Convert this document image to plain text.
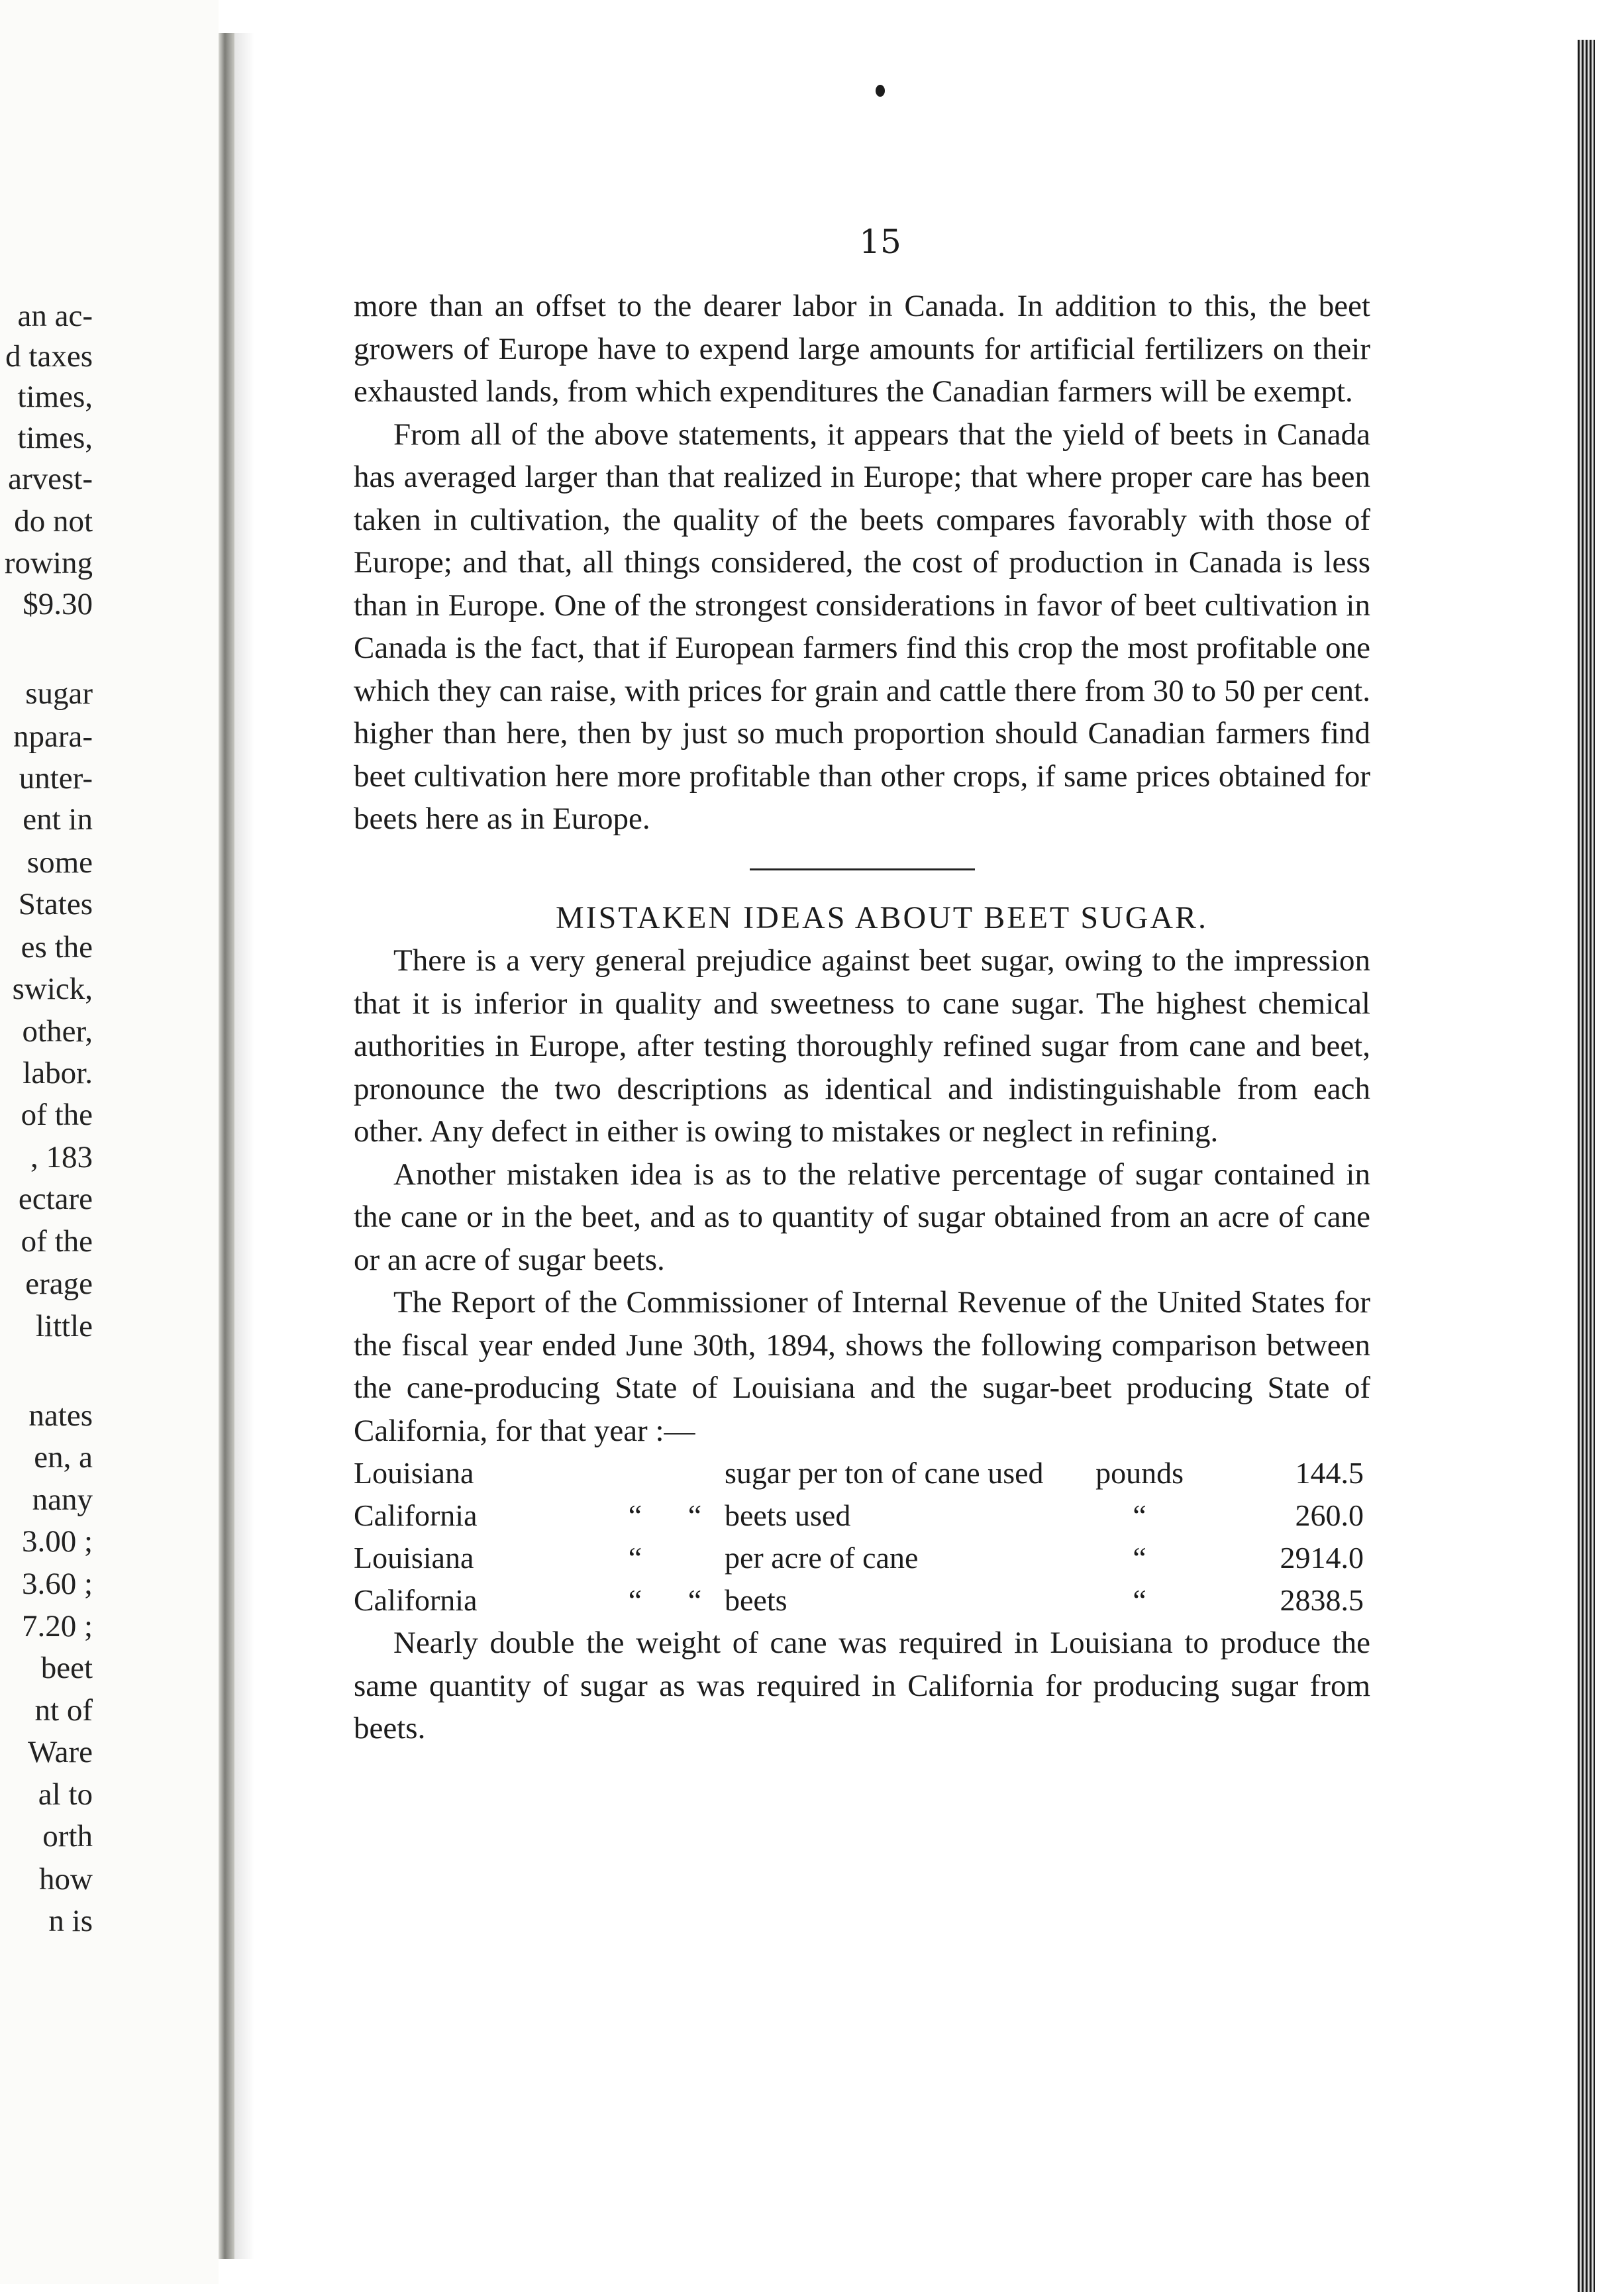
an ac-
d taxes
times,
times,
arvest-
do not
rowing
$9.30
sugar
npara-
unter-
ent in
some
States
es the
swick,
other,
labor.
of the
, 183
ectare
of the
erage
little
nates
en, a
nany
3.00 ;
3.60 ;
7.20 ;
beet
nt of
Ware
al to
orth
how
n is
15

more than an offset to the dearer labor in Canada. In addition to this, the beet growers of Europe have to expend large amounts for artificial fertilizers on their exhausted lands, from which expenditures the Canadian farmers will be exempt.

From all of the above statements, it appears that the yield of beets in Canada has averaged larger than that realized in Europe; that where proper care has been taken in cultivation, the quality of the beets compares favorably with those of Europe; and that, all things considered, the cost of production in Canada is less than in Europe. One of the strongest considerations in favor of beet cultivation in Canada is the fact, that if European farmers find this crop the most profitable one which they can raise, with prices for grain and cattle there from 30 to 50 per cent. higher than here, then by just so much proportion should Canadian farmers find beet cultivation here more profitable than other crops, if same prices obtained for beets here as in Europe.

MISTAKEN IDEAS ABOUT BEET SUGAR.

There is a very general prejudice against beet sugar, owing to the impression that it is inferior in quality and sweetness to cane sugar. The highest chemical authorities in Europe, after testing thoroughly refined sugar from cane and beet, pronounce the two descriptions as identical and indistinguishable from each other. Any defect in either is owing to mistakes or neglect in refining.

Another mistaken idea is as to the relative percentage of sugar contained in the cane or in the beet, and as to quantity of sugar obtained from an acre of cane or an acre of sugar beets.

The Report of the Commissioner of Internal Revenue of the United States for the fiscal year ended June 30th, 1894, shows the following comparison between the cane-producing State of Louisiana and the sugar-beet producing State of California, for that year :—

Louisiana			sugar per ton of cane used	pounds	144.5
California	“	“	beets used	“	260.0
Louisiana	“		per acre of cane	“	2914.0
California	“	“	beets	“	2838.5

Nearly double the weight of cane was required in Louisiana to produce the same quantity of sugar as was required in California for producing sugar from beets.
